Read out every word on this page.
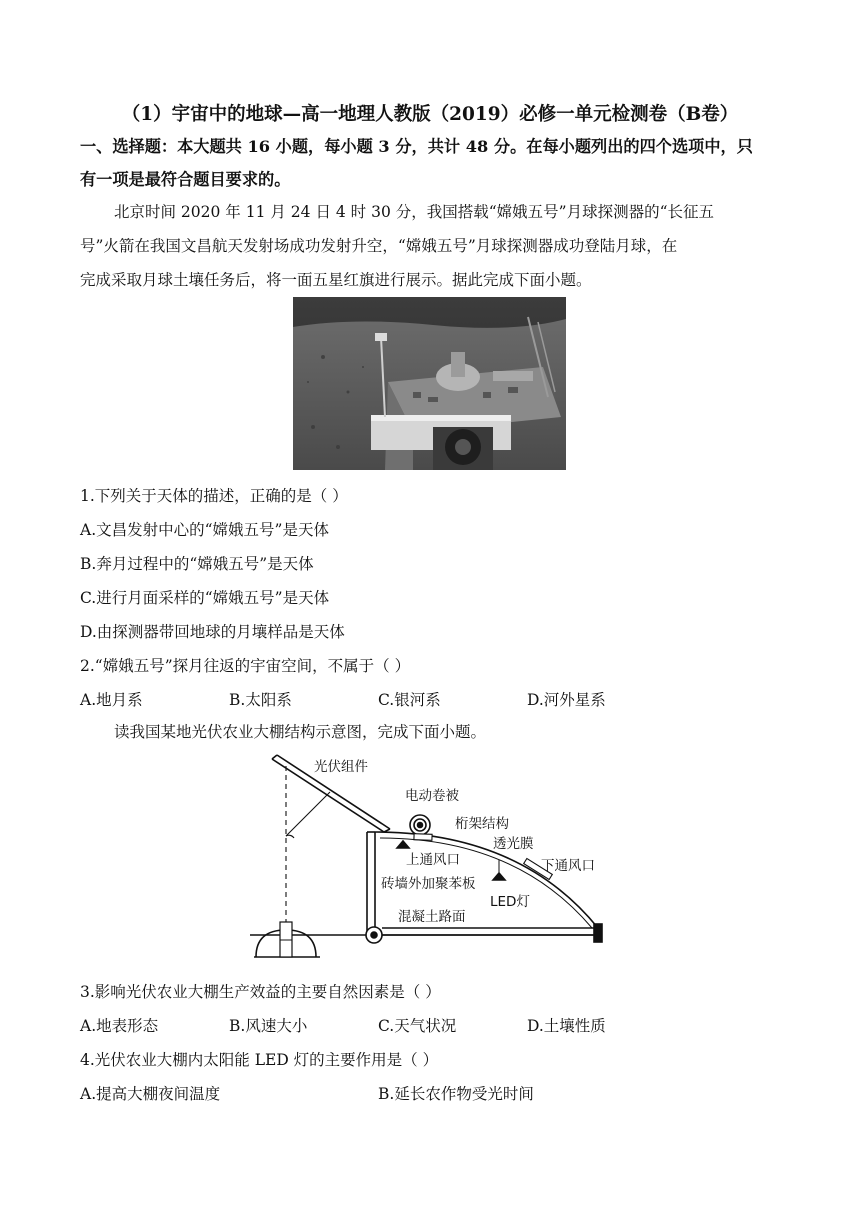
（1）宇宙中的地球—高一地理人教版（2019）必修一单元检测卷（B卷）
一、选择题：本大题共 16 小题，每小题 3 分，共计 48 分。在每小题列出的四个选项中，只
有一项是最符合题目要求的。
北京时间 2020 年 11 月 24 日 4 时 30 分，我国搭载“嫦娥五号”月球探测器的“长征五
号”火箭在我国文昌航天发射场成功发射升空，“嫦娥五号”月球探测器成功登陆月球，在
完成采取月球土壤任务后，将一面五星红旗进行展示。据此完成下面小题。
1.下列关于天体的描述，正确的是（ ）
A.文昌发射中心的“嫦娥五号”是天体
B.奔月过程中的“嫦娥五号”是天体
C.进行月面采样的“嫦娥五号”是天体
D.由探测器带回地球的月壤样品是天体
2.“嫦娥五号”探月往返的宇宙空间，不属于（ ）
A.地月系	B.太阳系	C.银河系	D.河外星系
读我国某地光伏农业大棚结构示意图，完成下面小题。
光伏组件
电动卷被
桁架结构
上通风口
透光膜
下通风口
砖墙外加聚苯板
LED灯
混凝土路面
3.影响光伏农业大棚生产效益的主要自然因素是（ ）
A.地表形态	B.风速大小	C.天气状况	D.土壤性质
4.光伏农业大棚内太阳能 LED 灯的主要作用是（ ）
A.提高大棚夜间温度	B.延长农作物受光时间
